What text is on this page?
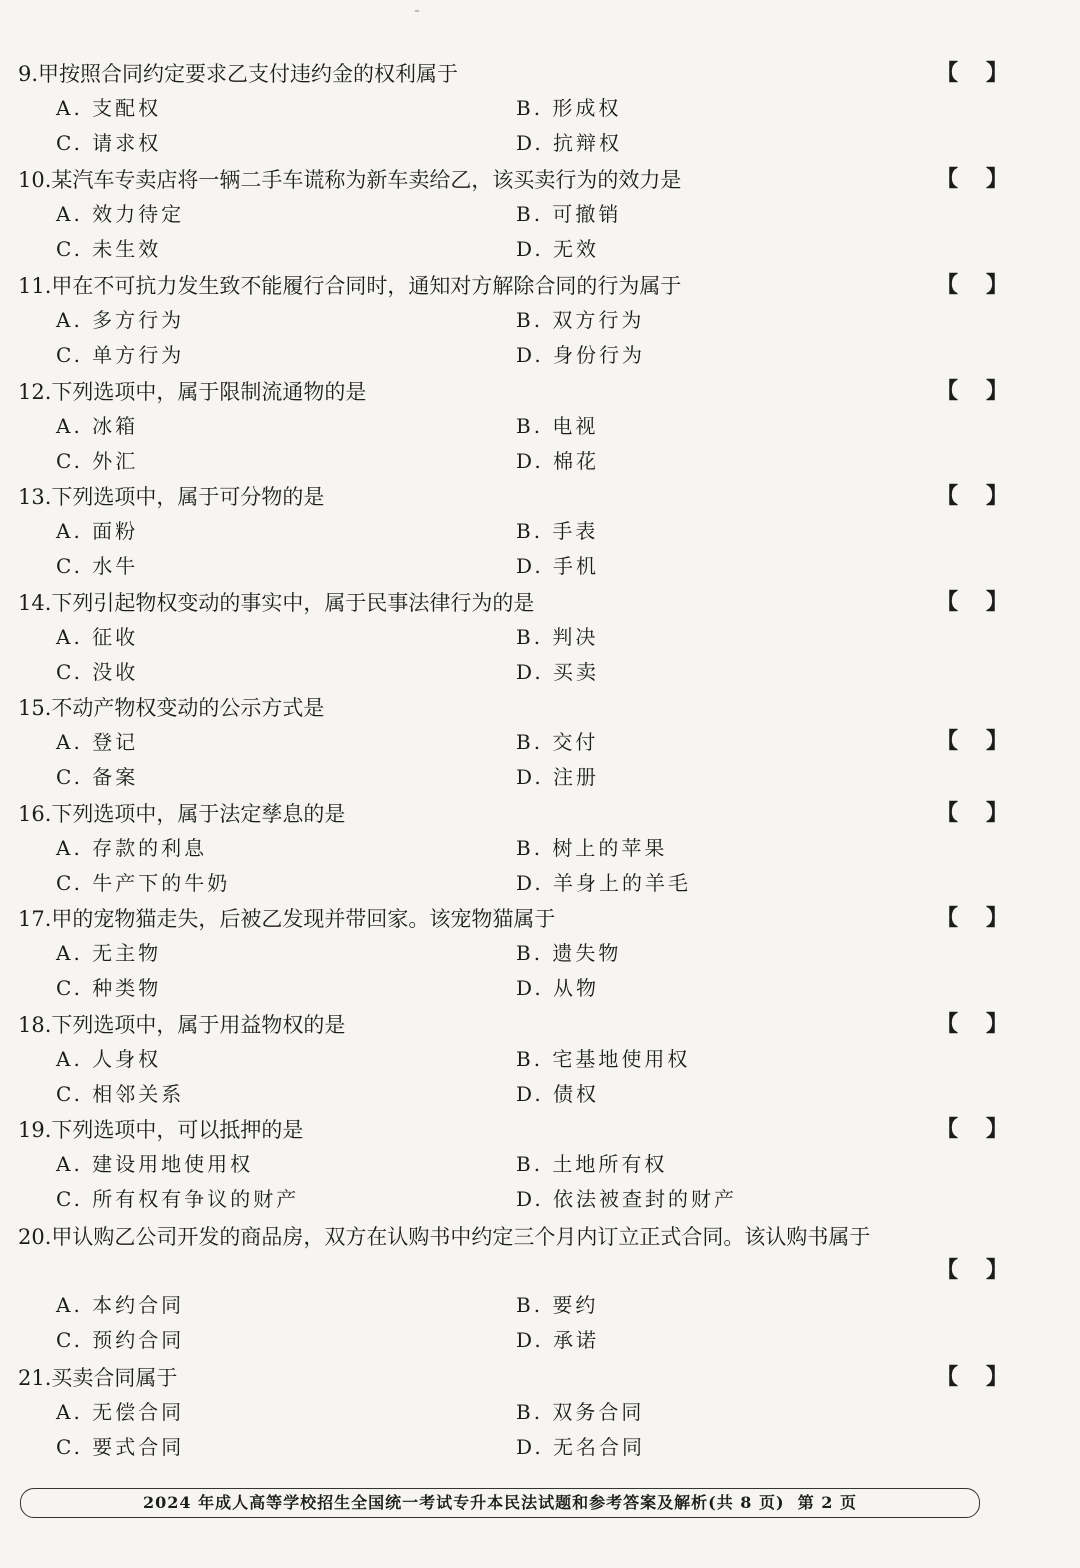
9.甲按照合同约定要求乙支付违约金的权利属于	【 】
A. 支配权	B. 形成权
C. 请求权	D. 抗辩权
10.某汽车专卖店将一辆二手车谎称为新车卖给乙，该买卖行为的效力是	【 】
A. 效力待定	B. 可撤销
C. 未生效	D. 无效
11.甲在不可抗力发生致不能履行合同时，通知对方解除合同的行为属于	【 】
A. 多方行为	B. 双方行为
C. 单方行为	D. 身份行为
12.下列选项中，属于限制流通物的是	【 】
A. 冰箱	B. 电视
C. 外汇	D. 棉花
13.下列选项中，属于可分物的是	【 】
A. 面粉	B. 手表
C. 水牛	D. 手机
14.下列引起物权变动的事实中，属于民事法律行为的是	【 】
A. 征收	B. 判决
C. 没收	D. 买卖
15.不动产物权变动的公示方式是
【 】
A. 登记	B. 交付
C. 备案	D. 注册
16.下列选项中，属于法定孳息的是	【 】
A. 存款的利息	B. 树上的苹果
C. 牛产下的牛奶	D. 羊身上的羊毛
17.甲的宠物猫走失，后被乙发现并带回家。该宠物猫属于	【 】
A. 无主物	B. 遗失物
C. 种类物	D. 从物
18.下列选项中，属于用益物权的是	【 】
A. 人身权	B. 宅基地使用权
C. 相邻关系	D. 债权
19.下列选项中，可以抵押的是	【 】
A. 建设用地使用权	B. 土地所有权
C. 所有权有争议的财产	D. 依法被查封的财产
20.甲认购乙公司开发的商品房，双方在认购书中约定三个月内订立正式合同。该认购书属于
【 】
A. 本约合同	B. 要约
C. 预约合同	D. 承诺
21.买卖合同属于	【 】
A. 无偿合同	B. 双务合同
C. 要式合同	D. 无名合同
2024 年成人高等学校招生全国统一考试专升本民法试题和参考答案及解析(共 8 页) 第 2 页
